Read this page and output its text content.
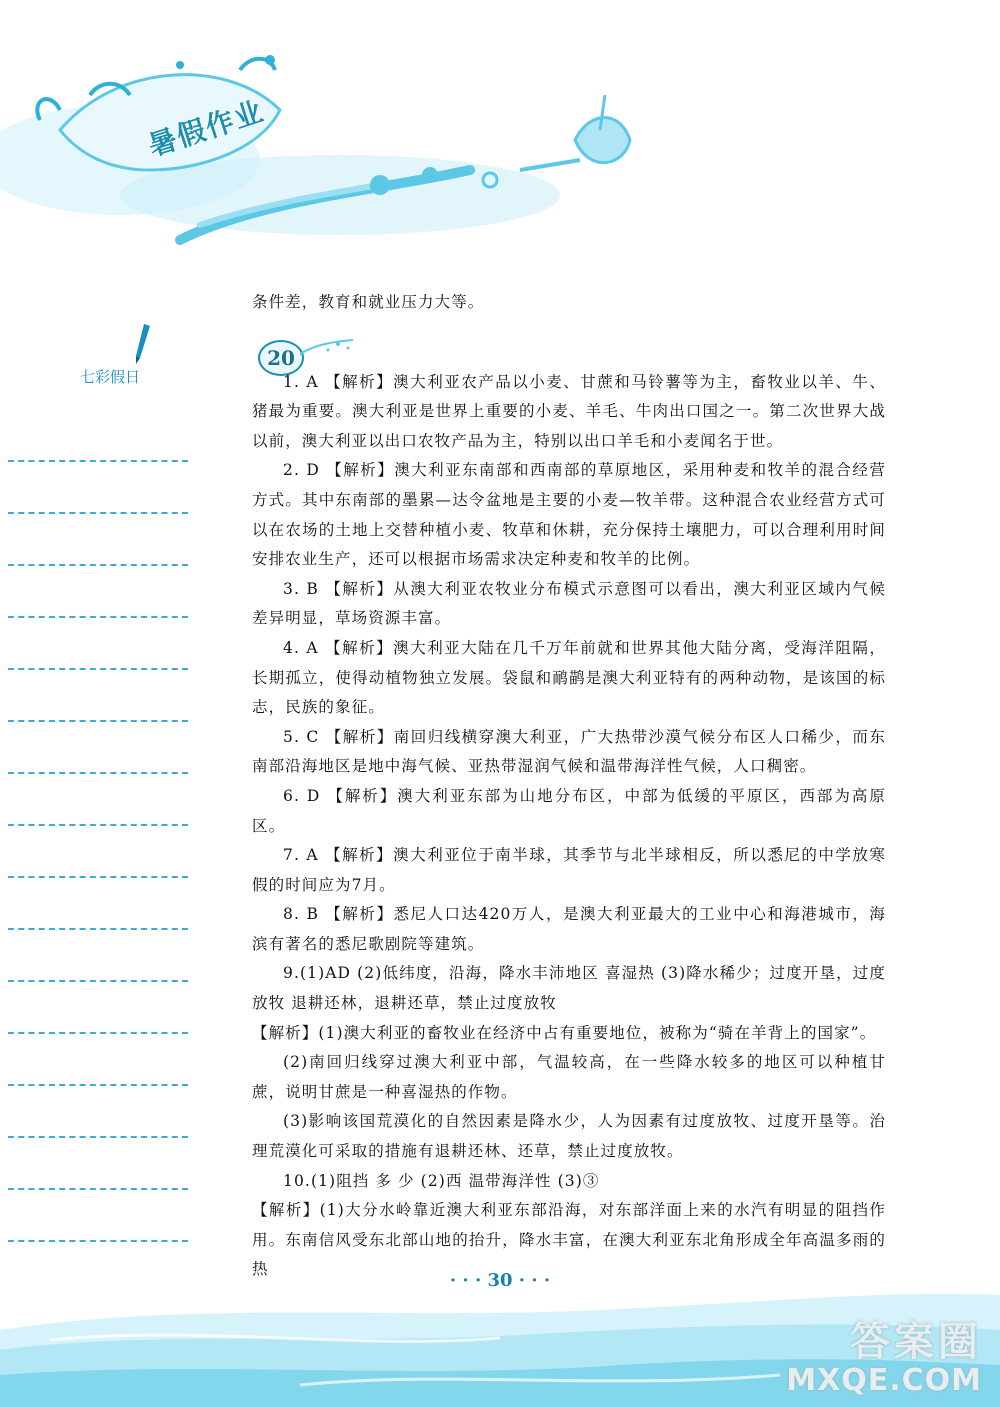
暑假作业
七彩假日
20

条件差，教育和就业压力大等。

1. A 【解析】澳大利亚农产品以小麦、甘蔗和马铃薯等为主，畜牧业以羊、牛、猪最为重要。澳大利亚是世界上重要的小麦、羊毛、牛肉出口国之一。第二次世界大战以前，澳大利亚以出口农牧产品为主，特别以出口羊毛和小麦闻名于世。

2. D 【解析】澳大利亚东南部和西南部的草原地区，采用种麦和牧羊的混合经营方式。其中东南部的墨累—达令盆地是主要的小麦—牧羊带。这种混合农业经营方式可以在农场的土地上交替种植小麦、牧草和休耕，充分保持土壤肥力，可以合理利用时间安排农业生产，还可以根据市场需求决定种麦和牧羊的比例。

3. B 【解析】从澳大利亚农牧业分布模式示意图可以看出，澳大利亚区域内气候差异明显，草场资源丰富。

4. A 【解析】澳大利亚大陆在几千万年前就和世界其他大陆分离，受海洋阻隔，长期孤立，使得动植物独立发展。袋鼠和鸸鹋是澳大利亚特有的两种动物，是该国的标志，民族的象征。

5. C 【解析】南回归线横穿澳大利亚，广大热带沙漠气候分布区人口稀少，而东南部沿海地区是地中海气候、亚热带湿润气候和温带海洋性气候，人口稠密。

6. D 【解析】澳大利亚东部为山地分布区，中部为低缓的平原区，西部为高原区。

7. A 【解析】澳大利亚位于南半球，其季节与北半球相反，所以悉尼的中学放寒假的时间应为7月。

8. B 【解析】悉尼人口达420万人，是澳大利亚最大的工业中心和海港城市，海滨有著名的悉尼歌剧院等建筑。

9.(1)AD (2)低纬度，沿海，降水丰沛地区 喜湿热 (3)降水稀少；过度开垦，过度放牧 退耕还林，退耕还草，禁止过度放牧

【解析】(1)澳大利亚的畜牧业在经济中占有重要地位，被称为“骑在羊背上的国家”。

(2)南回归线穿过澳大利亚中部，气温较高，在一些降水较多的地区可以种植甘蔗，说明甘蔗是一种喜湿热的作物。

(3)影响该国荒漠化的自然因素是降水少，人为因素有过度放牧、过度开垦等。治理荒漠化可采取的措施有退耕还林、还草，禁止过度放牧。

10.(1)阻挡 多 少 (2)西 温带海洋性 (3)③

【解析】(1)大分水岭靠近澳大利亚东部沿海，对东部洋面上来的水汽有明显的阻挡作用。东南信风受东北部山地的抬升，降水丰富，在澳大利亚东北角形成全年高温多雨的热

· · · 30 · · ·
答案圈
MXQE.COM
